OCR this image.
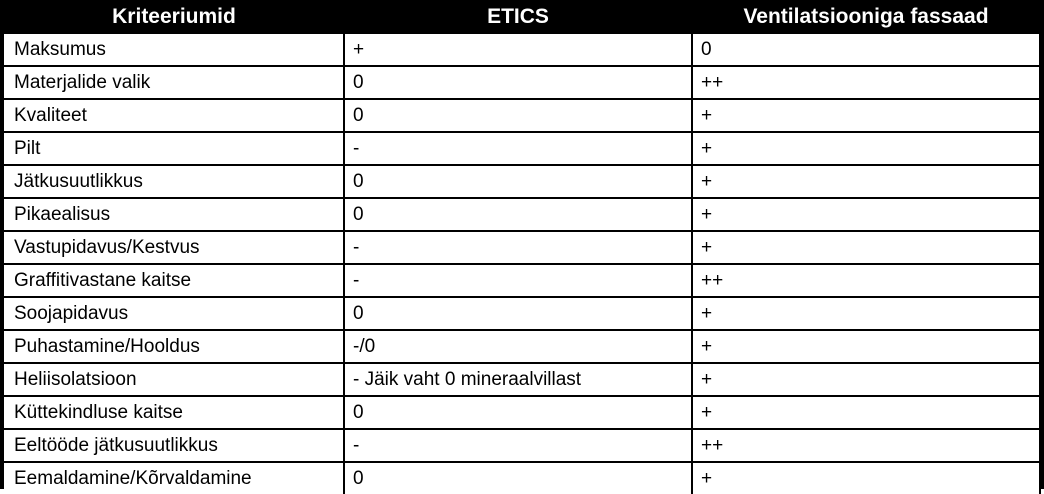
Kriteeriumid	ETICS	Ventilatsiooniga fassaad
Maksumus	+	0
Materjalide valik	0	++
Kvaliteet	0	+
Pilt	-	+
Jätkusuutlikkus	0	+
Pikaealisus	0	+
Vastupidavus/Kestvus	-	+
Graffitivastane kaitse	-	++
Soojapidavus	0	+
Puhastamine/Hooldus	-/0	+
Heliisolatsioon	- Jäik vaht 0 mineraalvillast	+
Küttekindluse kaitse	0	+
Eeltööde jätkusuutlikkus	-	++
Eemaldamine/Kõrvaldamine	0	+
